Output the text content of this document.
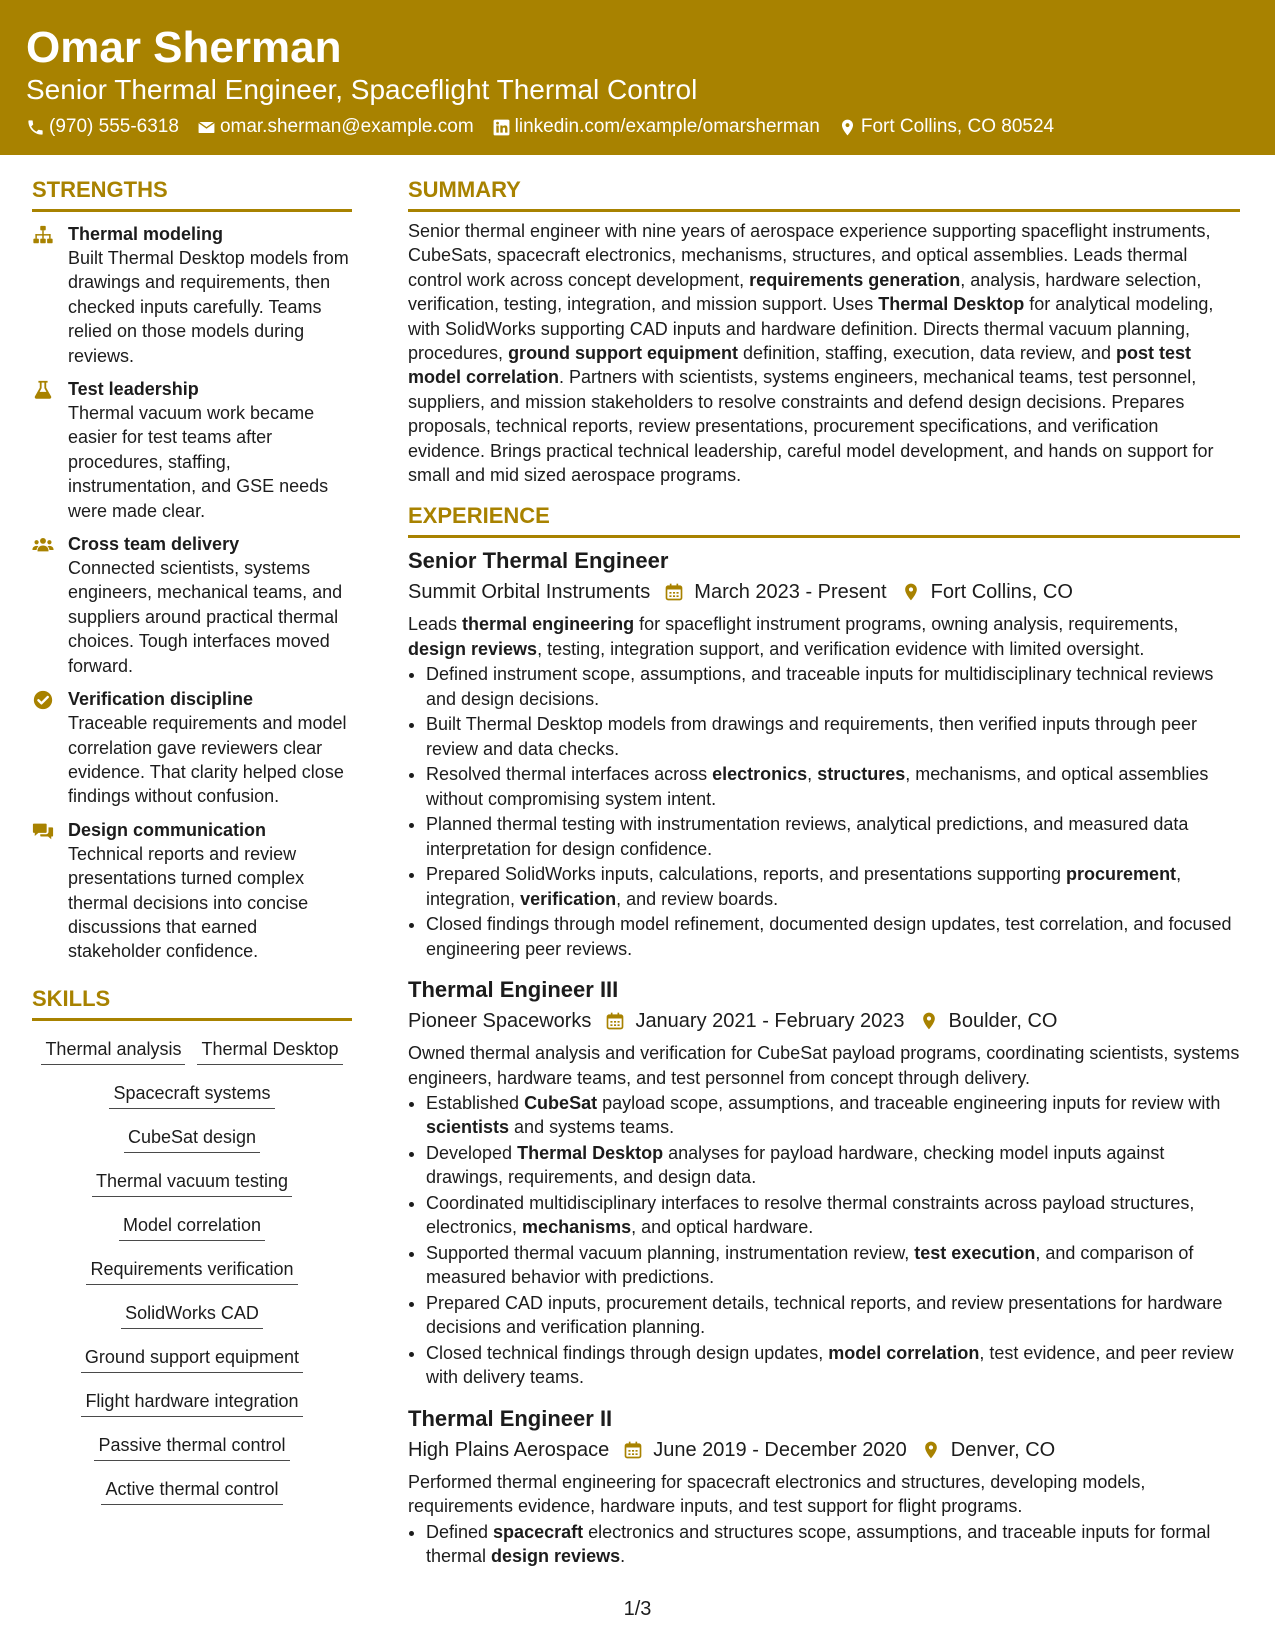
Omar Sherman
Senior Thermal Engineer, Spaceflight Thermal Control
(970) 555-6318 omar.sherman@example.com linkedin.com/example/omarsherman Fort Collins, CO 80524
STRENGTHS
Thermal modeling
Built Thermal Desktop models from drawings and requirements, then checked inputs carefully. Teams relied on those models during reviews.
Test leadership
Thermal vacuum work became easier for test teams after procedures, staffing, instrumentation, and GSE needs were made clear.
Cross team delivery
Connected scientists, systems engineers, mechanical teams, and suppliers around practical thermal choices. Tough interfaces moved forward.
Verification discipline
Traceable requirements and model correlation gave reviewers clear evidence. That clarity helped close findings without confusion.
Design communication
Technical reports and review presentations turned complex thermal decisions into concise discussions that earned stakeholder confidence.
SKILLS
Thermal analysis Thermal Desktop
Spacecraft systems
CubeSat design
Thermal vacuum testing
Model correlation
Requirements verification
SolidWorks CAD
Ground support equipment
Flight hardware integration
Passive thermal control
Active thermal control
SUMMARY
Senior thermal engineer with nine years of aerospace experience supporting spaceflight instruments, CubeSats, spacecraft electronics, mechanisms, structures, and optical assemblies. Leads thermal control work across concept development, requirements generation, analysis, hardware selection, verification, testing, integration, and mission support. Uses Thermal Desktop for analytical modeling, with SolidWorks supporting CAD inputs and hardware definition. Directs thermal vacuum planning, procedures, ground support equipment definition, staffing, execution, data review, and post test model correlation. Partners with scientists, systems engineers, mechanical teams, test personnel, suppliers, and mission stakeholders to resolve constraints and defend design decisions. Prepares proposals, technical reports, review presentations, procurement specifications, and verification evidence. Brings practical technical leadership, careful model development, and hands on support for small and mid sized aerospace programs.
EXPERIENCE
Senior Thermal Engineer
Summit Orbital Instruments March 2023 - Present Fort Collins, CO
Leads thermal engineering for spaceflight instrument programs, owning analysis, requirements, design reviews, testing, integration support, and verification evidence with limited oversight.
• Defined instrument scope, assumptions, and traceable inputs for multidisciplinary technical reviews and design decisions.
• Built Thermal Desktop models from drawings and requirements, then verified inputs through peer review and data checks.
• Resolved thermal interfaces across electronics, structures, mechanisms, and optical assemblies without compromising system intent.
• Planned thermal testing with instrumentation reviews, analytical predictions, and measured data interpretation for design confidence.
• Prepared SolidWorks inputs, calculations, reports, and presentations supporting procurement, integration, verification, and review boards.
• Closed findings through model refinement, documented design updates, test correlation, and focused engineering peer reviews.
Thermal Engineer III
Pioneer Spaceworks January 2021 - February 2023 Boulder, CO
Owned thermal analysis and verification for CubeSat payload programs, coordinating scientists, systems engineers, hardware teams, and test personnel from concept through delivery.
• Established CubeSat payload scope, assumptions, and traceable engineering inputs for review with scientists and systems teams.
• Developed Thermal Desktop analyses for payload hardware, checking model inputs against drawings, requirements, and design data.
• Coordinated multidisciplinary interfaces to resolve thermal constraints across payload structures, electronics, mechanisms, and optical hardware.
• Supported thermal vacuum planning, instrumentation review, test execution, and comparison of measured behavior with predictions.
• Prepared CAD inputs, procurement details, technical reports, and review presentations for hardware decisions and verification planning.
• Closed technical findings through design updates, model correlation, test evidence, and peer review with delivery teams.
Thermal Engineer II
High Plains Aerospace June 2019 - December 2020 Denver, CO
Performed thermal engineering for spacecraft electronics and structures, developing models, requirements evidence, hardware inputs, and test support for flight programs.
• Defined spacecraft electronics and structures scope, assumptions, and traceable inputs for formal thermal design reviews.
1/3
